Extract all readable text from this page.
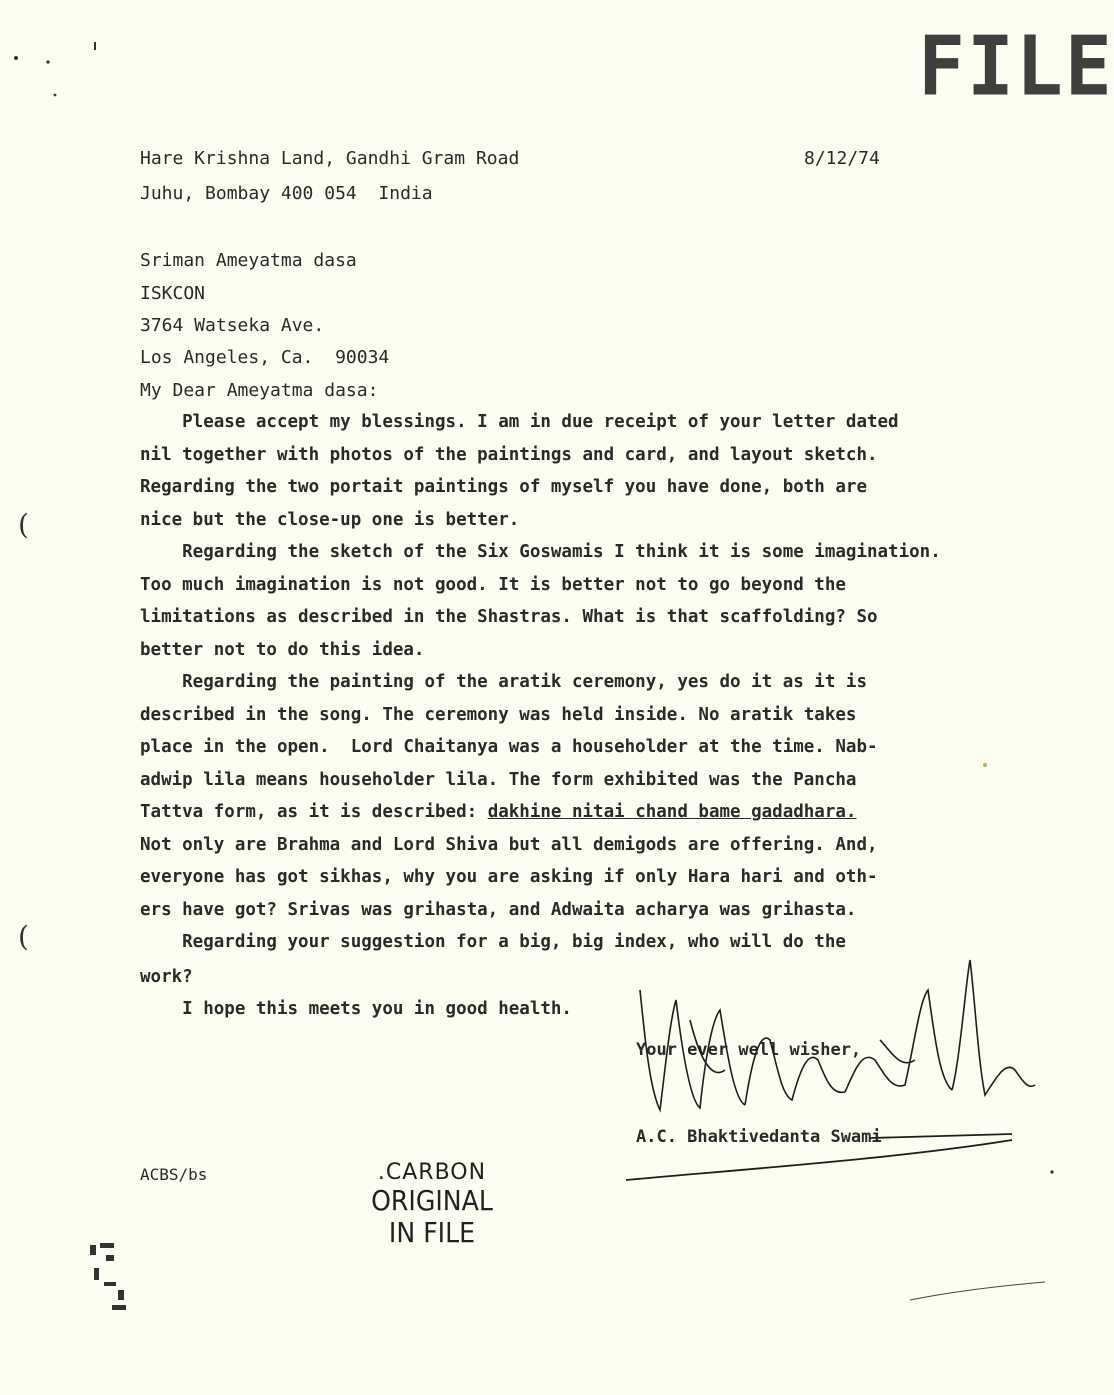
FILE
Hare Krishna Land, Gandhi Gram Road
Juhu, Bombay 400 054  India
8/12/74
Sriman Ameyatma dasa
ISKCON
3764 Watseka Ave.
Los Angeles, Ca.  90034
My Dear Ameyatma dasa:
Please accept my blessings. I am in due receipt of your letter dated
nil together with photos of the paintings and card, and layout sketch.
Regarding the two portait paintings of myself you have done, both are
nice but the close-up one is better.
Regarding the sketch of the Six Goswamis I think it is some imagination.
Too much imagination is not good. It is better not to go beyond the
limitations as described in the Shastras. What is that scaffolding? So
better not to do this idea.
Regarding the painting of the aratik ceremony, yes do it as it is
described in the song. The ceremony was held inside. No aratik takes
place in the open.  Lord Chaitanya was a householder at the time. Nab-
adwip lila means householder lila. The form exhibited was the Pancha
Tattva form, as it is described: dakhine nitai chand bame gadadhara.
Not only are Brahma and Lord Shiva but all demigods are offering. And,
everyone has got sikhas, why you are asking if only Hara hari and oth-
ers have got? Srivas was grihasta, and Adwaita acharya was grihasta.
Regarding your suggestion for a big, big index, who will do the
work?
I hope this meets you in good health.
Your ever well wisher,
A.C. Bhaktivedanta Swami
ACBS/bs	.CARBON
ORIGINAL
IN FILE
(
(
